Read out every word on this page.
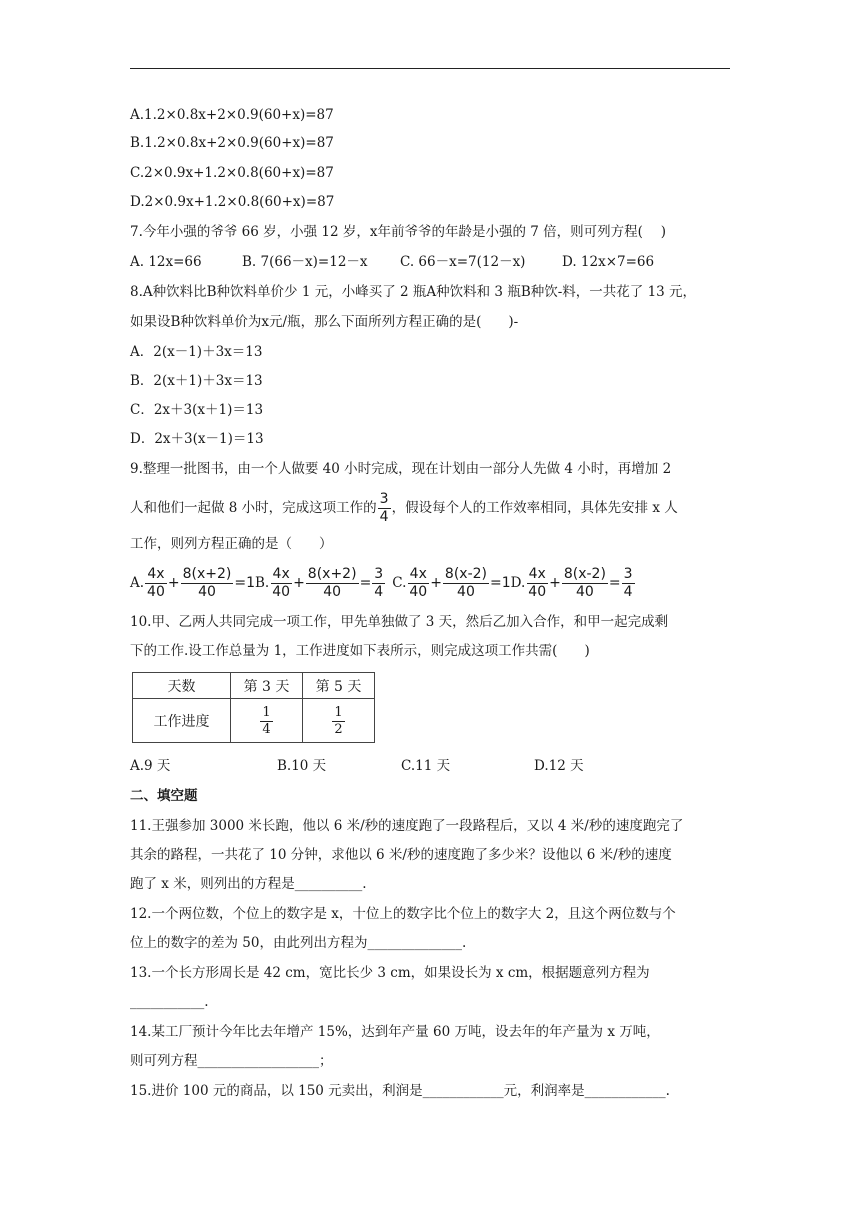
A.1.2×0.8x+2×0.9(60+x)=87
B.1.2×0.8x+2×0.9(60+x)=87
C.2×0.9x+1.2×0.8(60+x)=87
D.2×0.9x+1.2×0.8(60+x)=87
7.今年小强的爷爷 66 岁，小强 12 岁，x年前爷爷的年龄是小强的 7 倍，则可列方程(　 )
A. 12x=66	B. 7(66－x)=12－x C. 66－x=7(12－x)	D. 12x×7=66
8.A种饮料比B种饮料单价少 1 元，小峰买了 2 瓶A种饮料和 3 瓶B种饮-料，一共花了 13 元，
如果设B种饮料单价为x元/瓶，那么下面所列方程正确的是(　　)-
A．2(x－1)＋3x＝13
B．2(x＋1)＋3x＝13
C．2x＋3(x＋1)＝13
D．2x＋3(x－1)＝13
9.整理一批图书，由一个人做要 40 小时完成，现在计划由一部分人先做 4 小时，再增加 2
人和他们一起做 8 小时，完成这项工作的 $\frac{3}{4}$ ，假设每个人的工作效率相同，具体先安排 x 人
工作，则列方程正确的是（　　）
A. $\frac{4x}{40} + \frac{8(x+2)}{40} =1$ B. $\frac{4x}{40} + \frac{8(x+2)}{40} = \frac{3}{4} C$. $\frac{4x}{40} + \frac{8(x-2)}{40} =1$ D. $\frac{4x}{40} + \frac{8(x-2)}{40} = \frac{3}{4}$
10.甲、乙两人共同完成一项工作，甲先单独做了 3 天，然后乙加入合作，和甲一起完成剩
下的工作.设工作总量为 1，工作进度如下表所示，则完成这项工作共需(　　)
天数	第 3 天	第 5 天
工作进度	$\frac{1}{4}$	$\frac{1}{2}$
A.9 天	B.10 天	C.11 天	D.12 天
二、填空题
11.王强参加 3000 米长跑，他以 6 米/秒的速度跑了一段路程后，又以 4 米/秒的速度跑完了
其余的路程，一共花了 10 分钟，求他以 6 米/秒的速度跑了多少米？设他以 6 米/秒的速度
跑了 x 米，则列出的方程是__________.
12.一个两位数，个位上的数字是 x，十位上的数字比个位上的数字大 2，且这个两位数与个
位上的数字的差为 50，由此列出方程为______________.
13.一个长方形周长是 42 cm，宽比长少 3 cm，如果设长为 x cm，根据题意列方程为
___________.
14.某工厂预计今年比去年增产 15%，达到年产量 60 万吨，设去年的年产量为 x 万吨，
则可列方程__________________；
15.进价 100 元的商品，以 150 元卖出，利润是____________元，利润率是____________.
